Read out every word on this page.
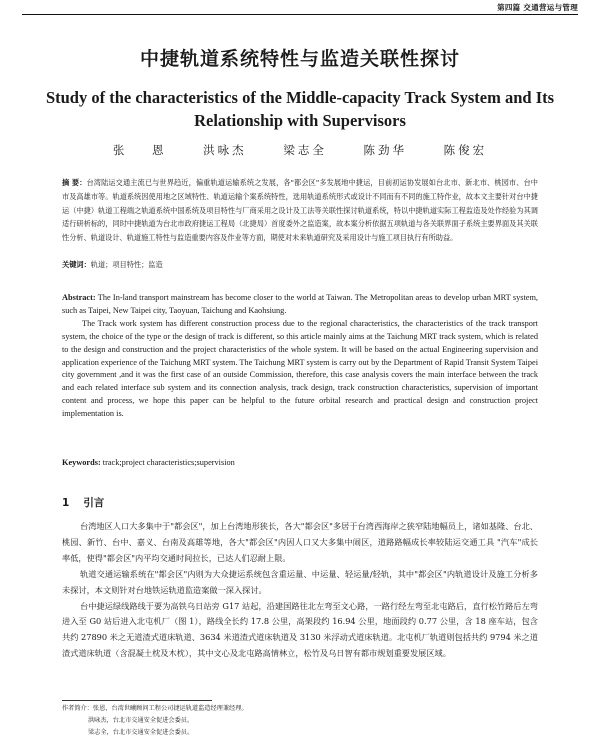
第四篇 交通营运与管理
中捷轨道系统特性与监造关联性探讨
Study of the characteristics of the Middle-capacity Track System and Its Relationship with Supervisors
张 恩	洪咏杰	梁志全	陈劲华	陈俊宏
摘 要：台湾陆运交通主流已与世界趋近，偏重轨道运输系统之发展，各"都会区"多发展地中捷运，目前初运协发展如台北市、新北市、桃园市、台中市及高雄市等。轨道系统因使用地之区域特性、轨道运输个案系统特性，选用轨道系统形式或设计不同而有不同的施工特作业，故本文主要针对台中捷运（中捷）轨道工程端之轨道系统中国系统及项目特性与厂商采用之设计及工法等关联性探讨轨道系统，特以中捷轨道实际工程监造及处作经验为其调适行研析标的，同时中捷轨道为台北市政府捷运工程局（北捷局）首度委外之监造案，故本案分析依据五项轨道与各关联界面子系统主要界面及其关联性分析、轨道设计、轨道施工特性与监造重要内容及作业等方面，期使对未来轨道研究及采用设计与施工项目执行有所助益。
关键词：轨道；项目特性；监造

Abstract: The In-land transport mainstream has become closer to the world at Taiwan. The Metropolitan areas to develop urban MRT system, such as Taipei, New Taipei city, Taoyuan, Taichung and Kaohsiung.

The Track work system has different construction process due to the regional characteristics, the characteristics of the track transport system, the choice of the type or the design of track is different, so this article mainly aims at the Taichung MRT track system, which is related to the design and construction and the project characteristics of the whole system. It will be based on the actual Engineering supervision and application experience of the Taichung MRT system. The Taichung MRT system is carry out by the Department of Rapid Transit System Taipei city government ,and it was the first case of an outside Commission, therefore, this case analysis covers the main interface between the track and each related interface sub system and its connection analysis, track design, track construction characteristics, supervision of important content and process, we hope this paper can be helpful to the future orbital research and practical design and construction project implementation is.

Keywords: track;project characteristics;supervision
1 引言

台湾地区人口大多集中于"都会区"，加上台湾地形狭长，各大"都会区"多居于台湾西海岸之狭窄陆地幅员上，诸如基隆、台北、桃园、新竹、台中、嘉义、台南及高雄等地，各大"都会区"内因人口又大多集中闹区，道路路幅成长率较陆运交通工具 "汽车"成长率低，使得"都会区"内平均交通时间拉长，已达人们忍耐上限。

轨道交通运输系统在"都会区"内则为大众捷运系统包含重运量、中运量、轻运量/轻轨，其中"都会区"内轨道设计及施工分析多未探讨，本文则针对台地铁运轨道监造案做一深入探讨。

台中捷运绿线路线于要为高铁乌日站旁 G17 站起，沿建国路往北左弯至文心路，一路行经左弯至北屯路后，直行松竹路后左弯进入至 G0 站后进入北屯机厂（图 1），路线全长约 17.8 公里，高架段约 16.94 公里，地面段约 0.77 公里，含 18 座车站，包含共约 27890 米之无道渣式道床轨道、3634 米道渣式道床轨道及 3130 米浮动式道床轨道。北屯机厂轨道则包括共约 9794 米之道渣式道床轨道（含混凝土枕及木枕），其中文心及北屯路高情林立，松竹及乌日智有都市规划重要发展区域。

作者简介：张恩，台湾世曦顾问工程公司捷运轨道监造经理兼经理。
洪咏杰，台北市交通安全促进会委员。
梁志全，台北市交通安全促进会委员。
